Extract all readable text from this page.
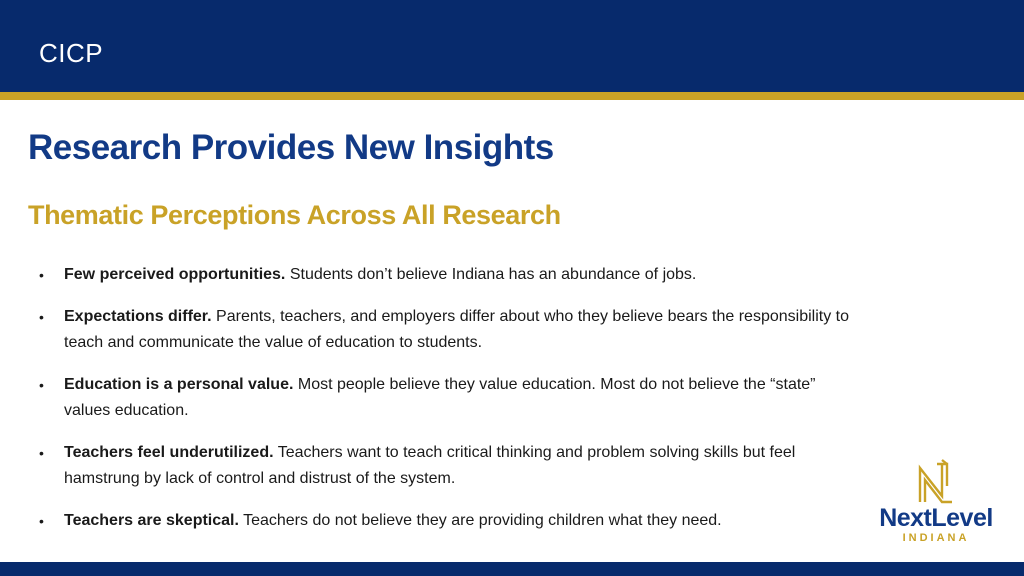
CICP
Research Provides New Insights
Thematic Perceptions Across All Research
• Few perceived opportunities. Students don’t believe Indiana has an abundance of jobs.
• Expectations differ. Parents, teachers, and employers differ about who they believe bears the responsibility to teach and communicate the value of education to students.
• Education is a personal value. Most people believe they value education. Most do not believe the “state” values education.
• Teachers feel underutilized. Teachers want to teach critical thinking and problem solving skills but feel hamstrung by lack of control and distrust of the system.
• Teachers are skeptical. Teachers do not believe they are providing children what they need.	NextLevel
INDIANA
